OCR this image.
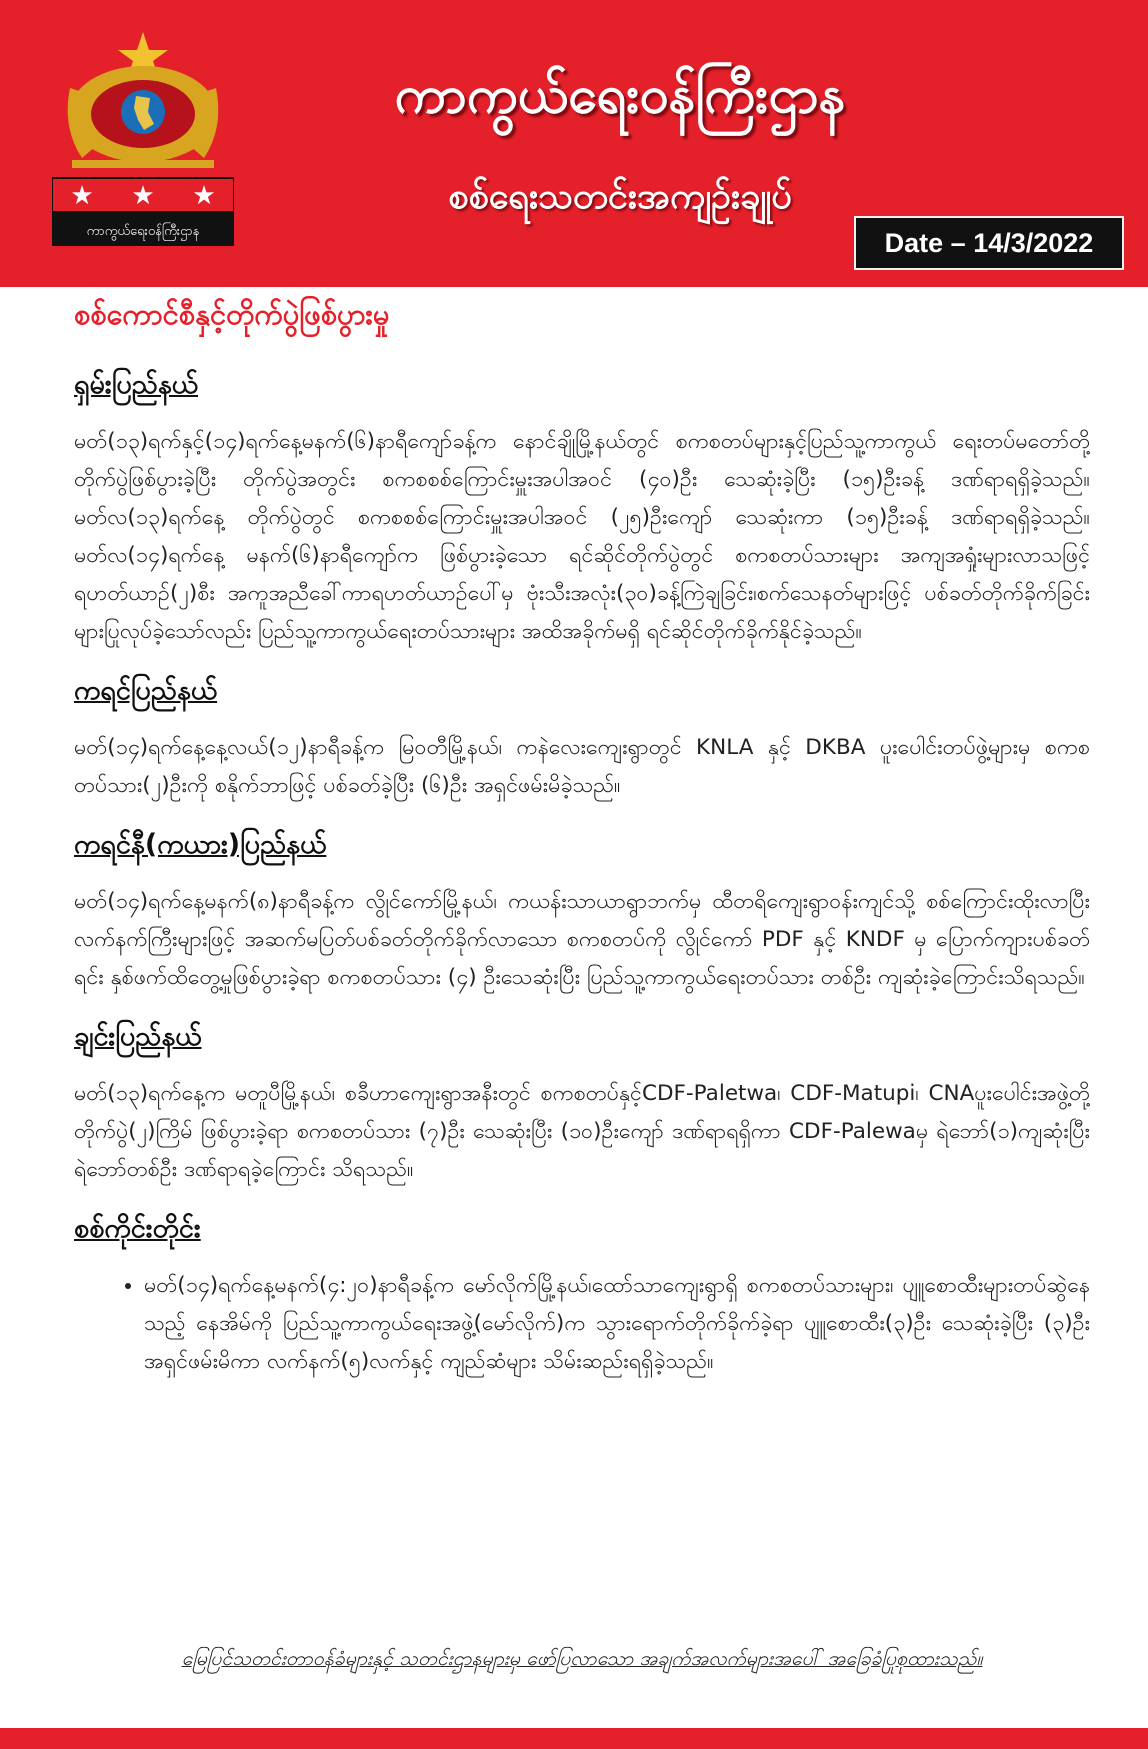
★ ★ ★
ကာကွယ်ရေးဝန်ကြီးဌာန
ကာကွယ်ရေးဝန်ကြီးဌာန
စစ်ရေးသတင်းအကျဉ်းချုပ်
Date – 14/3/2022
စစ်ကောင်စီနှင့်တိုက်ပွဲဖြစ်ပွားမှု
ရှမ်းပြည်နယ်

မတ်(၁၃)ရက်နှင့်(၁၄)ရက်နေ့မနက်(၆)နာရီကျော်ခန့်က နောင်ချိုမြို့နယ်တွင် စကစတပ်များနှင့်ပြည်သူ့ကာကွယ် ရေးတပ်မတော်တို့ တိုက်ပွဲဖြစ်ပွားခဲ့ပြီး တိုက်ပွဲအတွင်း စကစစစ်ကြောင်းမှူးအပါအဝင် (၄၀)ဦး သေဆုံးခဲ့ပြီး (၁၅)ဦးခန့် ဒဏ်ရာရရှိခဲ့သည်။ မတ်လ(၁၃)ရက်နေ့ တိုက်ပွဲတွင် စကစစစ်ကြောင်းမှူးအပါအဝင် (၂၅)ဦးကျော် သေဆုံးကာ (၁၅)ဦးခန့် ဒဏ်ရာရရှိခဲ့သည်။ မတ်လ(၁၄)ရက်နေ့ မနက်(၆)နာရီကျော်က ဖြစ်ပွားခဲ့သော ရင်ဆိုင်တိုက်ပွဲတွင် စကစတပ်သားများ အကျအရှုံးများလာသဖြင့် ရဟတ်ယာဉ်(၂)စီး အကူအညီခေါ်ကာရဟတ်ယာဉ်ပေါ်မှ ဗုံးသီးအလုံး(၃၀)ခန့်ကြဲချခြင်း၊စက်သေနတ်များဖြင့် ပစ်ခတ်တိုက်ခိုက်ခြင်းများပြုလုပ်ခဲ့သော်လည်း ပြည်သူ့ကာကွယ်ရေးတပ်သားများ အထိအခိုက်မရှိ ရင်ဆိုင်တိုက်ခိုက်နိုင်ခဲ့သည်။

ကရင်ပြည်နယ်

မတ်(၁၄)ရက်နေ့နေ့လယ်(၁၂)နာရီခန့်က မြဝတီမြို့နယ်၊ ကနဲလေးကျေးရွာတွင် KNLA နှင့် DKBA ပူးပေါင်းတပ်ဖွဲ့များမှ စကစတပ်သား(၂)ဦးကို စနိုက်ဘာဖြင့် ပစ်ခတ်ခဲ့ပြီး (၆)ဦး အရှင်ဖမ်းမိခဲ့သည်။

ကရင်နီ(ကယား)ပြည်နယ်

မတ်(၁၄)ရက်နေ့မနက်(၈)နာရီခန့်က လွိုင်ကော်မြို့နယ်၊ ကယန်းသာယာရွာဘက်မှ ထီတရိကျေးရွာဝန်းကျင်သို့ စစ်ကြောင်းထိုးလာပြီး လက်နက်ကြီးများဖြင့် အဆက်မပြတ်ပစ်ခတ်တိုက်ခိုက်လာသော စကစတပ်ကို လွိုင်ကော် PDF နှင့် KNDF မှ ပြောက်ကျားပစ်ခတ်ရင်း နှစ်ဖက်ထိတွေ့မှုဖြစ်ပွားခဲ့ရာ စကစတပ်သား (၄) ဦးသေဆုံးပြီး ပြည်သူ့ကာကွယ်ရေးတပ်သား တစ်ဦး ကျဆုံးခဲ့ကြောင်းသိရသည်။

ချင်းပြည်နယ်

မတ်(၁၃)ရက်နေ့က မတူပီမြို့နယ်၊ စခီဟာကျေးရွာအနီးတွင် စကစတပ်နှင့်CDF-Paletwa၊ CDF-Matupi၊ CNAပူးပေါင်းအဖွဲ့တို့ တိုက်ပွဲ(၂)ကြိမ် ဖြစ်ပွားခဲ့ရာ စကစတပ်သား (၇)ဦး သေဆုံးပြီး (၁၀)ဦးကျော် ဒဏ်ရာရရှိကာ CDF-Palewaမှ ရဲဘော်(၁)ကျဆုံးပြီး ရဲဘော်တစ်ဦး ဒဏ်ရာရခဲ့ကြောင်း သိရသည်။

စစ်ကိုင်းတိုင်း
• မတ်(၁၄)ရက်နေ့မနက်(၄:၂၀)နာရီခန့်က မော်လိုက်မြို့နယ်၊ထော်သာကျေးရွာရှိ စကစတပ်သားများ၊ ပျူစောထီးများတပ်ဆွဲနေသည့် နေအိမ်ကို ပြည်သူ့ကာကွယ်ရေးအဖွဲ့(မော်လိုက်)က သွားရောက်တိုက်ခိုက်ခဲ့ရာ ပျူစောထီး(၃)ဦး သေဆုံးခဲ့ပြီး (၃)ဦးအရှင်ဖမ်းမိကာ လက်နက်(၅)လက်နှင့် ကျည်ဆံများ သိမ်းဆည်းရရှိခဲ့သည်။
မြေပြင်သတင်းတာဝန်ခံများနှင့် သတင်းဌာနများမှ ဖော်ပြလာသော အချက်အလက်များအပေါ် အခြေခံပြုစုထားသည်။
